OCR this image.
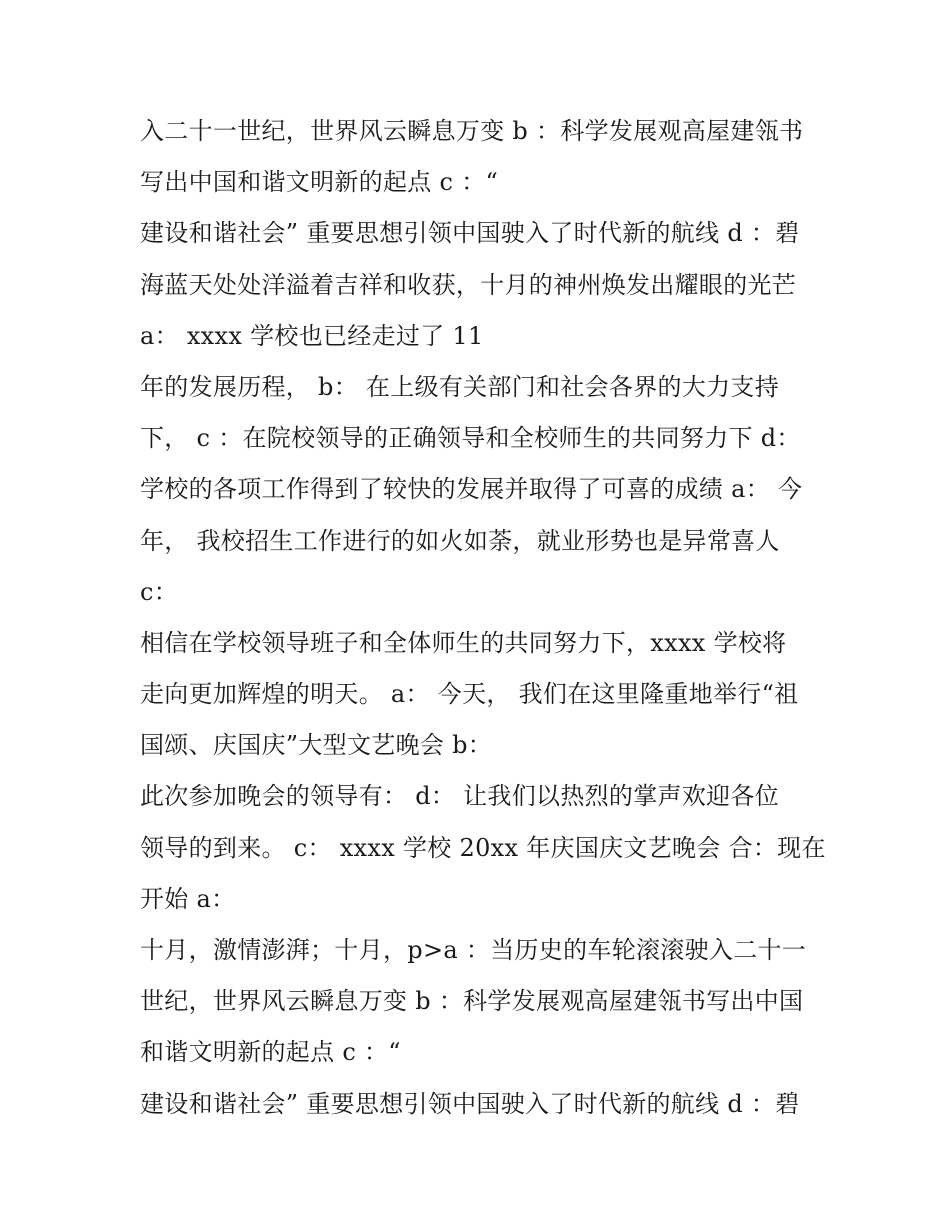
入二十一世纪，世界风云瞬息万变 b ：科学发展观高屋建瓴书
写出中国和谐文明新的起点 c ：“
建设和谐社会” 重要思想引领中国驶入了时代新的航线 d ：碧
海蓝天处处洋溢着吉祥和收获，十月的神州焕发出耀眼的光芒
a： xxxx 学校也已经走过了 11
年的发展历程， b： 在上级有关部门和社会各界的大力支持
下， c ：在院校领导的正确领导和全校师生的共同努力下 d：
学校的各项工作得到了较快的发展并取得了可喜的成绩 a： 今
年， 我校招生工作进行的如火如荼，就业形势也是异常喜人
c：
相信在学校领导班子和全体师生的共同努力下，xxxx 学校将
走向更加辉煌的明天。 a： 今天， 我们在这里隆重地举行“祖
国颂、庆国庆”大型文艺晚会 b：
此次参加晚会的领导有： d： 让我们以热烈的掌声欢迎各位
领导的到来。 c： xxxx 学校 20xx 年庆国庆文艺晚会 合：现在
开始 a：
十月，激情澎湃；十月，p>a ：当历史的车轮滚滚驶入二十一
世纪，世界风云瞬息万变 b ：科学发展观高屋建瓴书写出中国
和谐文明新的起点 c ：“
建设和谐社会” 重要思想引领中国驶入了时代新的航线 d ：碧
